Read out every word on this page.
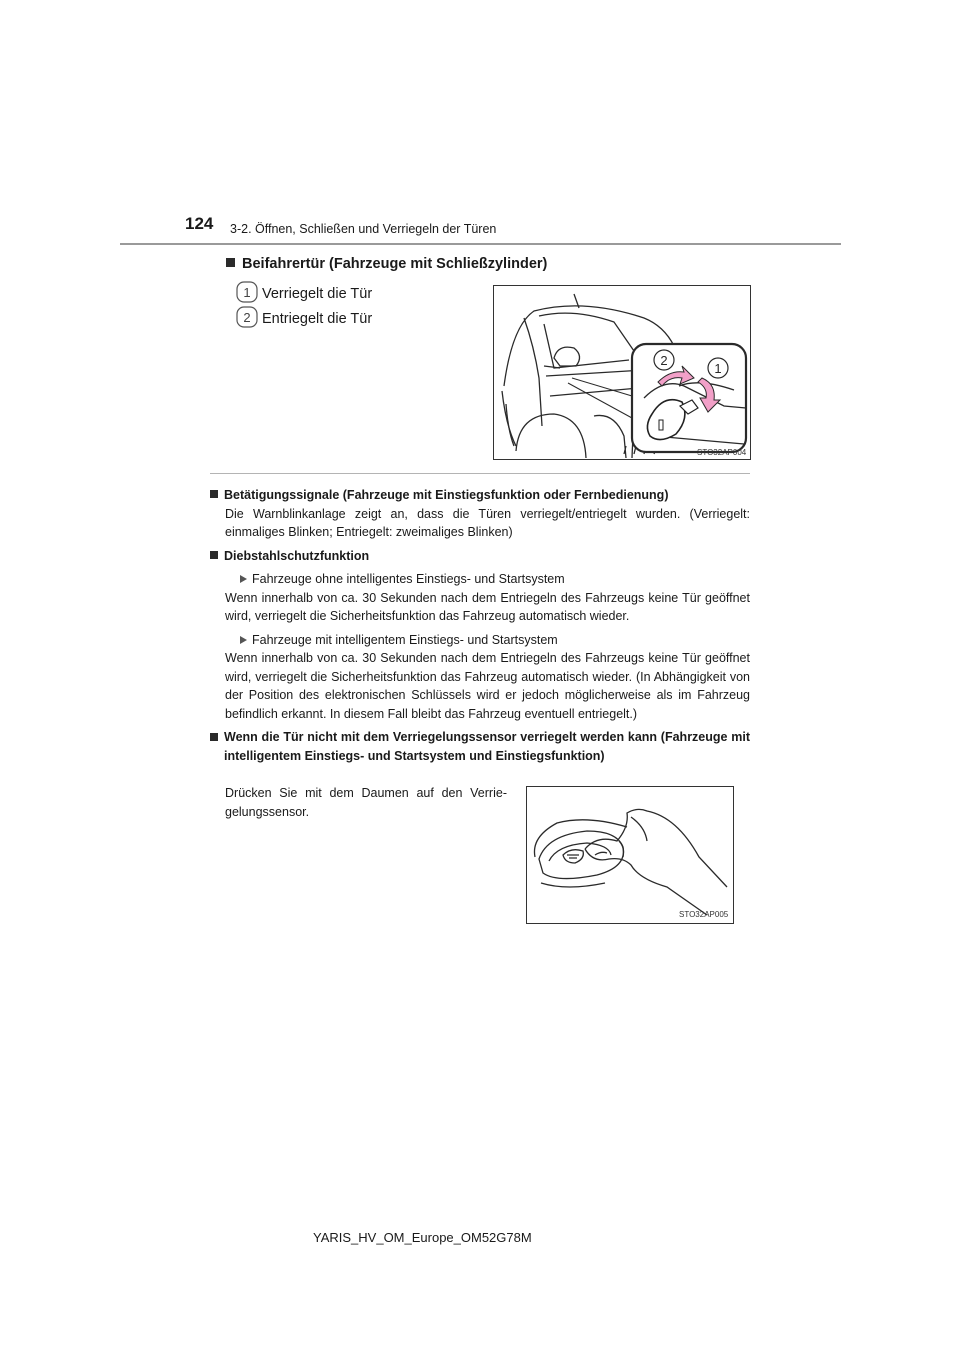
124 3-2. Öffnen, Schließen und Verriegeln der Türen
Beifahrertür (Fahrzeuge mit Schließzylinder)
1 Verriegelt die Tür
2 Entriegelt die Tür
2
1
STO32AP004
Betätigungssignale (Fahrzeuge mit Einstiegsfunktion oder Fernbedienung)
Die Warnblinkanlage zeigt an, dass die Türen verriegelt/entriegelt wurden. (Verriegelt: einmaliges Blinken; Entriegelt: zweimaliges Blinken)
Diebstahlschutzfunktion
Fahrzeuge ohne intelligentes Einstiegs- und Startsystem
Wenn innerhalb von ca. 30 Sekunden nach dem Entriegeln des Fahrzeugs keine Tür geöffnet wird, verriegelt die Sicherheitsfunktion das Fahrzeug automatisch wieder.
Fahrzeuge mit intelligentem Einstiegs- und Startsystem
Wenn innerhalb von ca. 30 Sekunden nach dem Entriegeln des Fahrzeugs keine Tür geöffnet wird, verriegelt die Sicherheitsfunktion das Fahrzeug automatisch wieder. (In Abhängigkeit von der Position des elektronischen Schlüssels wird er jedoch möglicherweise als im Fahrzeug befindlich erkannt. In diesem Fall bleibt das Fahrzeug eventuell entriegelt.)
Wenn die Tür nicht mit dem Verriegelungssensor verriegelt werden kann (Fahrzeuge mit intelligentem Einstiegs- und Startsystem und Einstiegsfunktion)
Drücken Sie mit dem Daumen auf den Verriegelungssensor.
STO32AP005
YARIS_HV_OM_Europe_OM52G78M
